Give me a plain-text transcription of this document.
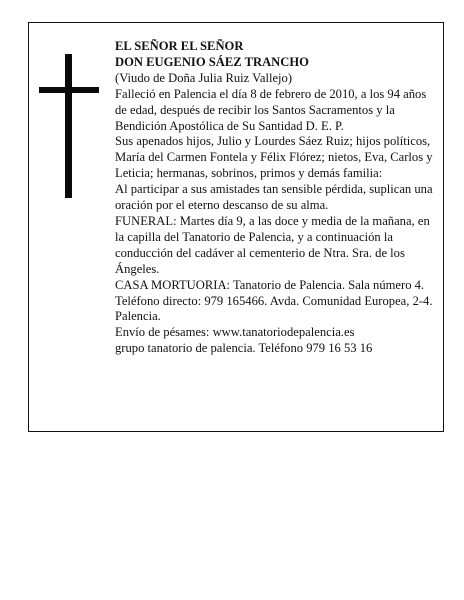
EL SEÑOR EL SEÑOR

DON EUGENIO SÁEZ TRANCHO

(Viudo de Doña Julia Ruiz Vallejo)

Falleció en Palencia el día 8 de febrero de 2010, a los 94 años de edad, después de recibir los Santos Sacramentos y la Bendición Apostólica de Su Santidad D. E. P.

Sus apenados hijos, Julio y Lourdes Sáez Ruiz; hijos políticos, María del Carmen Fontela y Félix Flórez; nietos, Eva, Carlos y Leticia; hermanas, sobrinos, primos y demás familia:

Al participar a sus amistades tan sensible pérdida, suplican una oración por el eterno descanso de su alma.

FUNERAL: Martes día 9, a las doce y media de la mañana, en la capilla del Tanatorio de Palencia, y a continuación la conducción del cadáver al cementerio de Ntra. Sra. de los Ángeles.

CASA MORTUORIA: Tanatorio de Palencia. Sala número 4. Teléfono directo: 979 165466. Avda. Comunidad Europea, 2-4. Palencia.

Envío de pésames: www.tanatoriodepalencia.es

grupo tanatorio de palencia. Teléfono 979 16 53 16
